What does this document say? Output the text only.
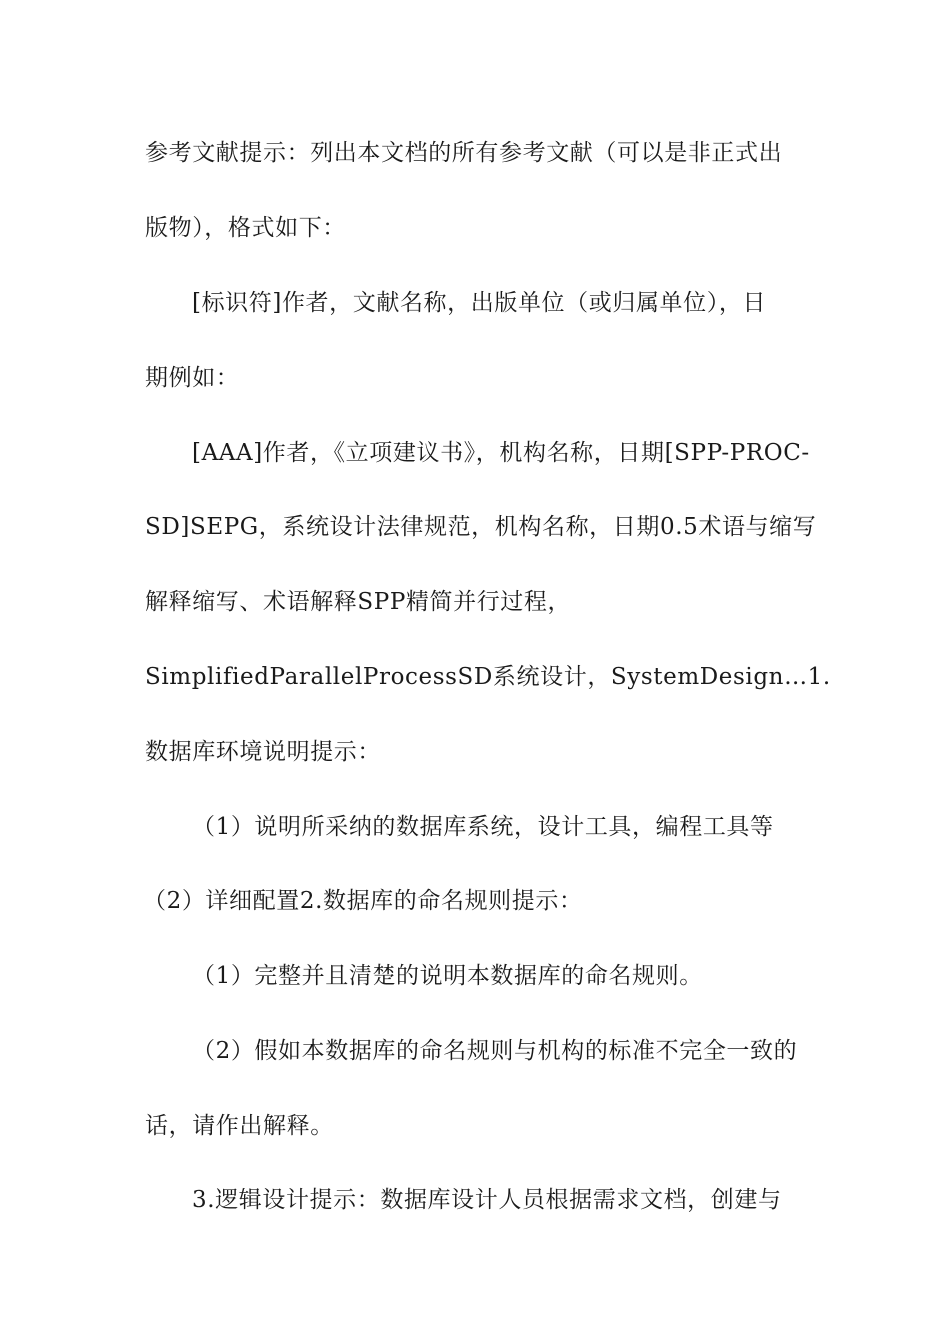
参考文献提示：列出本文档的所有参考文献（可以是非正式出
版物），格式如下：
[标识符]作者，文献名称，出版单位（或归属单位），日
期例如：
[AAA]作者，《立项建议书》，机构名称，日期[SPP-PROC-
SD]SEPG，系统设计法律规范，机构名称，日期0.5术语与缩写
解释缩写、术语解释SPP精简并行过程，
SimplifiedParallelProcessSD系统设计，SystemDesign…1.
数据库环境说明提示：
（1）说明所采纳的数据库系统，设计工具，编程工具等
（2）详细配置2.数据库的命名规则提示：
（1）完整并且清楚的说明本数据库的命名规则。
（2）假如本数据库的命名规则与机构的标准不完全一致的
话，请作出解释。
3.逻辑设计提示：数据库设计人员根据需求文档，创建与
